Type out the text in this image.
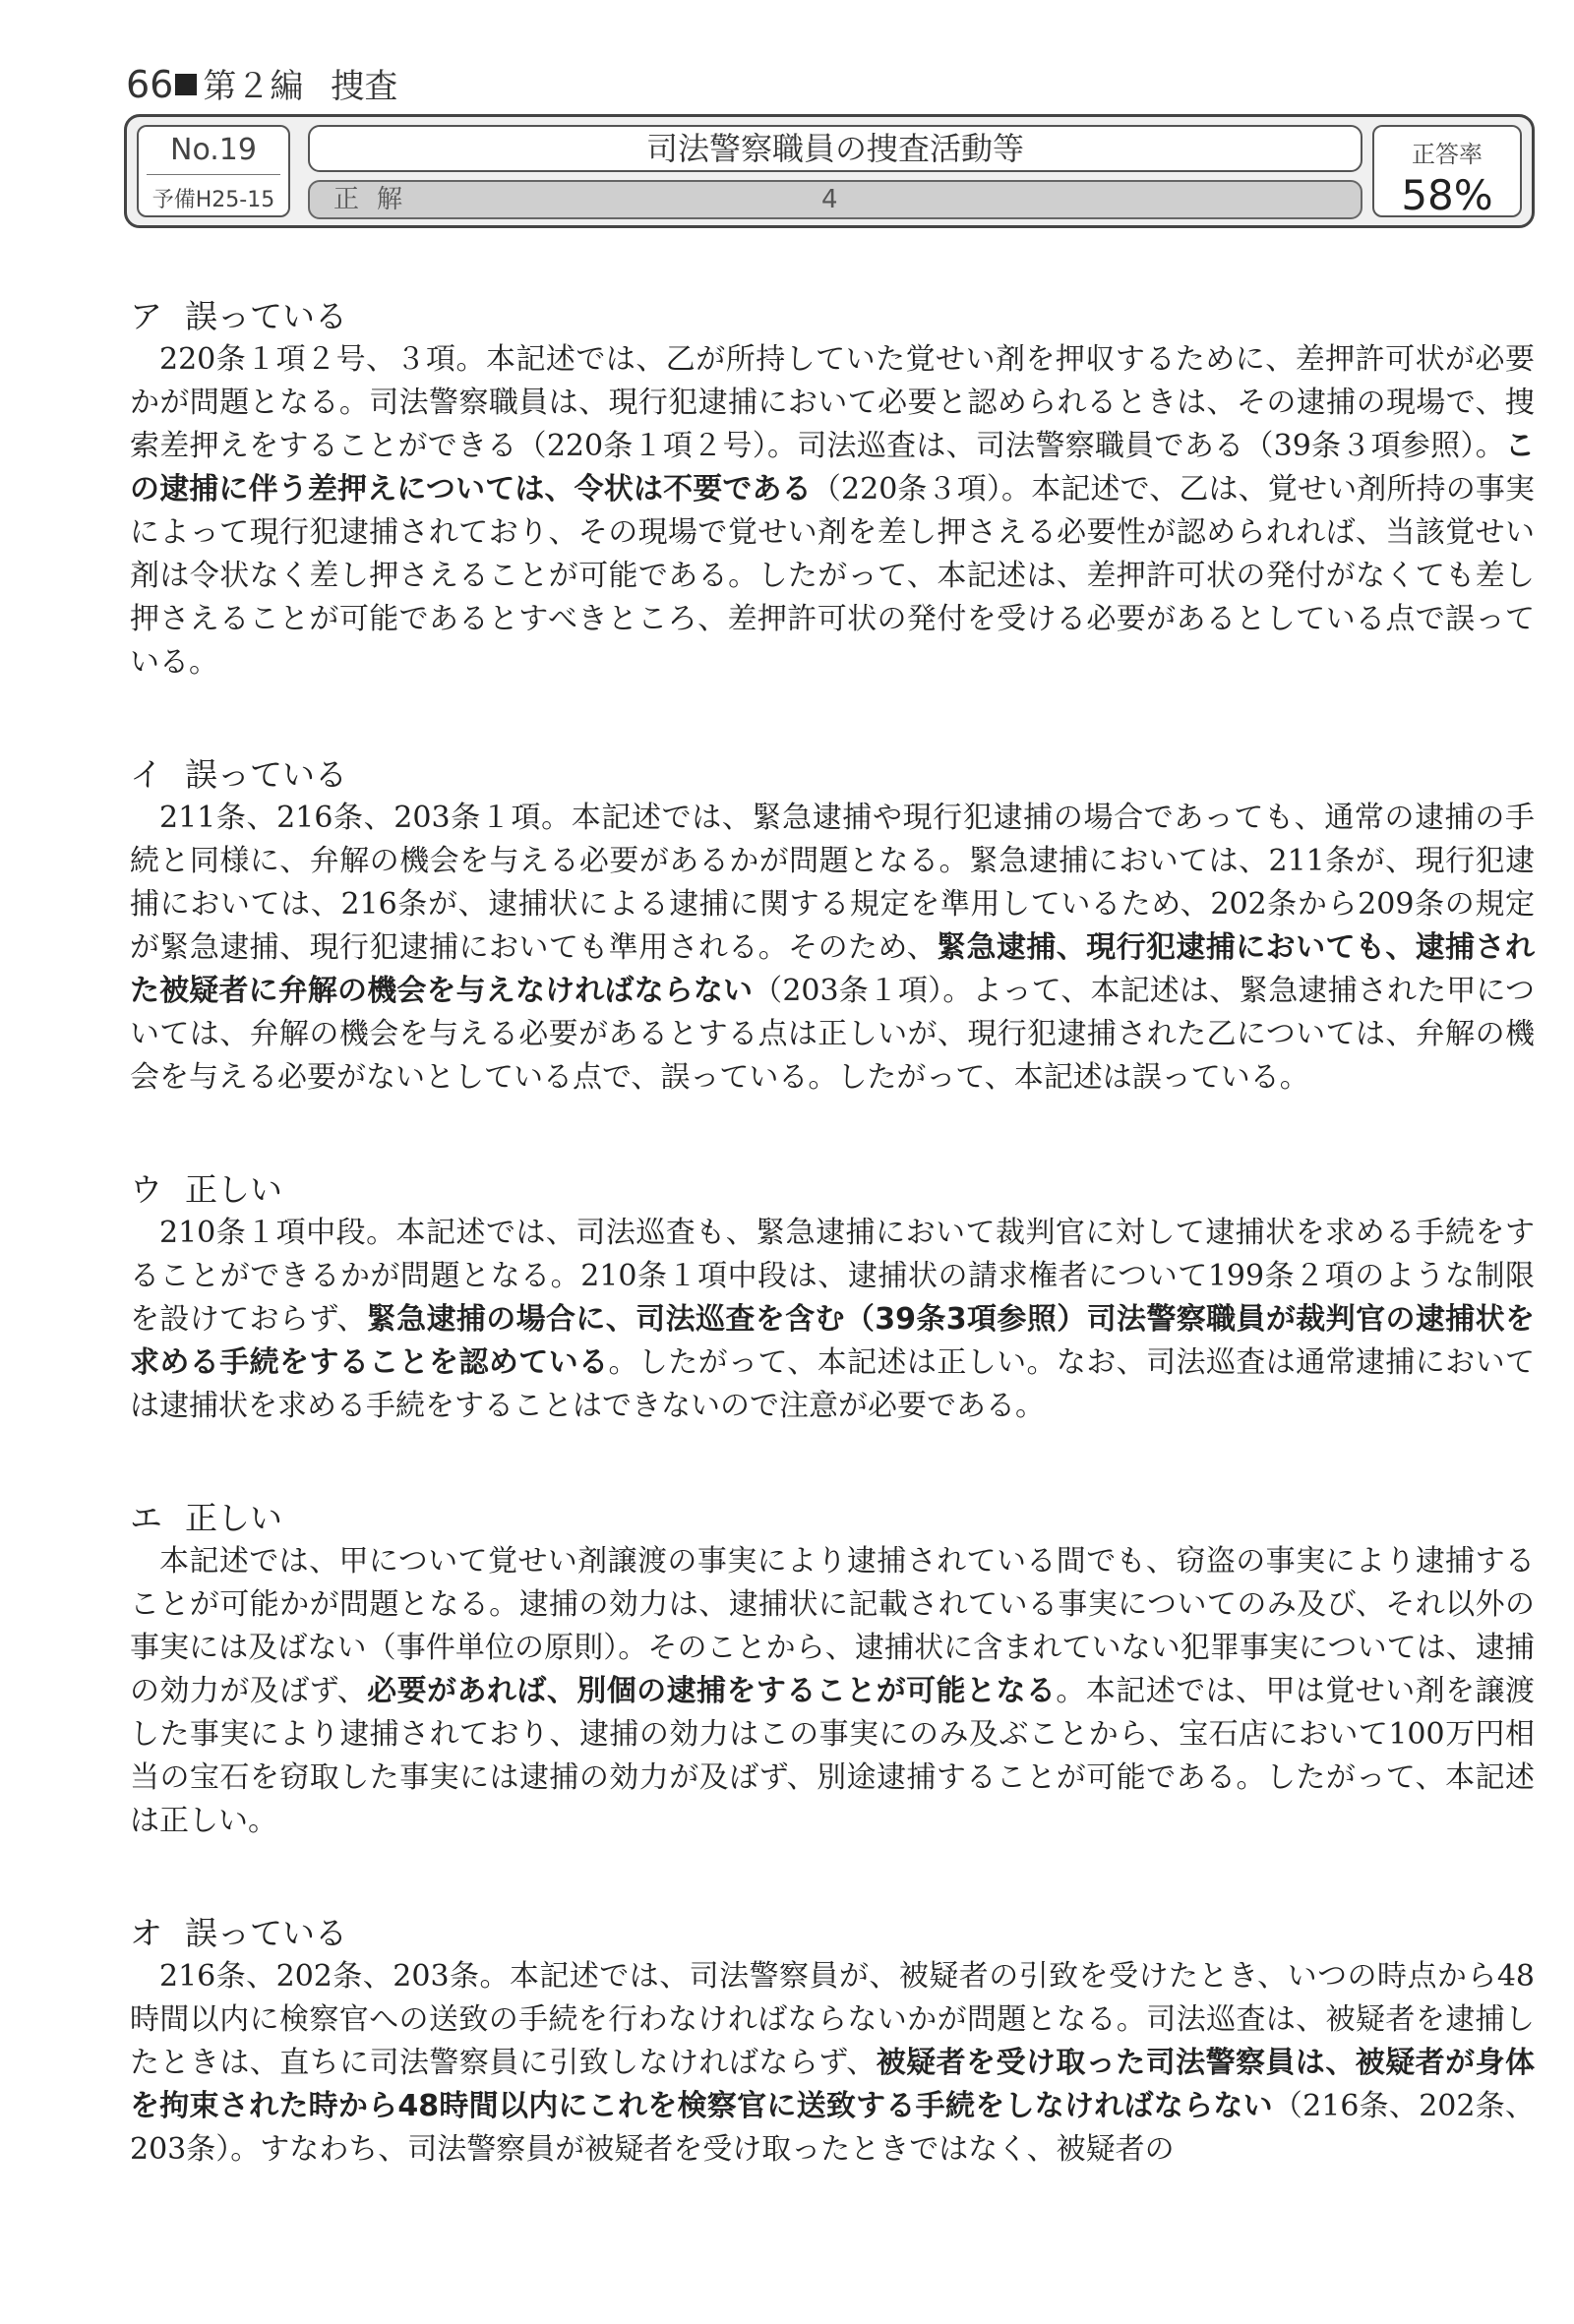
66 第２編 捜査
No.19
予備H25-15
司法警察職員の捜査活動等
正解	4
正答率
58%
ア 誤っている
220条１項２号、３項。本記述では、乙が所持していた覚せい剤を押収するために、差押許可状が必要かが問題となる。司法警察職員は、現行犯逮捕において必要と認められるときは、その逮捕の現場で、捜索差押えをすることができる（220条１項２号）。司法巡査は、司法警察職員である（39条３項参照）。この逮捕に伴う差押えについては、令状は不要である（220条３項）。本記述で、乙は、覚せい剤所持の事実によって現行犯逮捕されており、その現場で覚せい剤を差し押さえる必要性が認められれば、当該覚せい剤は令状なく差し押さえることが可能である。したがって、本記述は、差押許可状の発付がなくても差し押さえることが可能であるとすべきところ、差押許可状の発付を受ける必要があるとしている点で誤っている。
イ 誤っている
211条、216条、203条１項。本記述では、緊急逮捕や現行犯逮捕の場合であっても、通常の逮捕の手続と同様に、弁解の機会を与える必要があるかが問題となる。緊急逮捕においては、211条が、現行犯逮捕においては、216条が、逮捕状による逮捕に関する規定を準用しているため、202条から209条の規定が緊急逮捕、現行犯逮捕においても準用される。そのため、緊急逮捕、現行犯逮捕においても、逮捕された被疑者に弁解の機会を与えなければならない（203条１項）。よって、本記述は、緊急逮捕された甲については、弁解の機会を与える必要があるとする点は正しいが、現行犯逮捕された乙については、弁解の機会を与える必要がないとしている点で、誤っている。したがって、本記述は誤っている。
ウ 正しい
210条１項中段。本記述では、司法巡査も、緊急逮捕において裁判官に対して逮捕状を求める手続をすることができるかが問題となる。210条１項中段は、逮捕状の請求権者について199条２項のような制限を設けておらず、緊急逮捕の場合に、司法巡査を含む（39条3項参照）司法警察職員が裁判官の逮捕状を求める手続をすることを認めている。したがって、本記述は正しい。なお、司法巡査は通常逮捕においては逮捕状を求める手続をすることはできないので注意が必要である。
エ 正しい
本記述では、甲について覚せい剤譲渡の事実により逮捕されている間でも、窃盗の事実により逮捕することが可能かが問題となる。逮捕の効力は、逮捕状に記載されている事実についてのみ及び、それ以外の事実には及ばない（事件単位の原則）。そのことから、逮捕状に含まれていない犯罪事実については、逮捕の効力が及ばず、必要があれば、別個の逮捕をすることが可能となる。本記述では、甲は覚せい剤を譲渡した事実により逮捕されており、逮捕の効力はこの事実にのみ及ぶことから、宝石店において100万円相当の宝石を窃取した事実には逮捕の効力が及ばず、別途逮捕することが可能である。したがって、本記述は正しい。
オ 誤っている
216条、202条、203条。本記述では、司法警察員が、被疑者の引致を受けたとき、いつの時点から48時間以内に検察官への送致の手続を行わなければならないかが問題となる。司法巡査は、被疑者を逮捕したときは、直ちに司法警察員に引致しなければならず、被疑者を受け取った司法警察員は、被疑者が身体を拘束された時から48時間以内にこれを検察官に送致する手続をしなければならない（216条、202条、203条）。すなわち、司法警察員が被疑者を受け取ったときではなく、被疑者の
